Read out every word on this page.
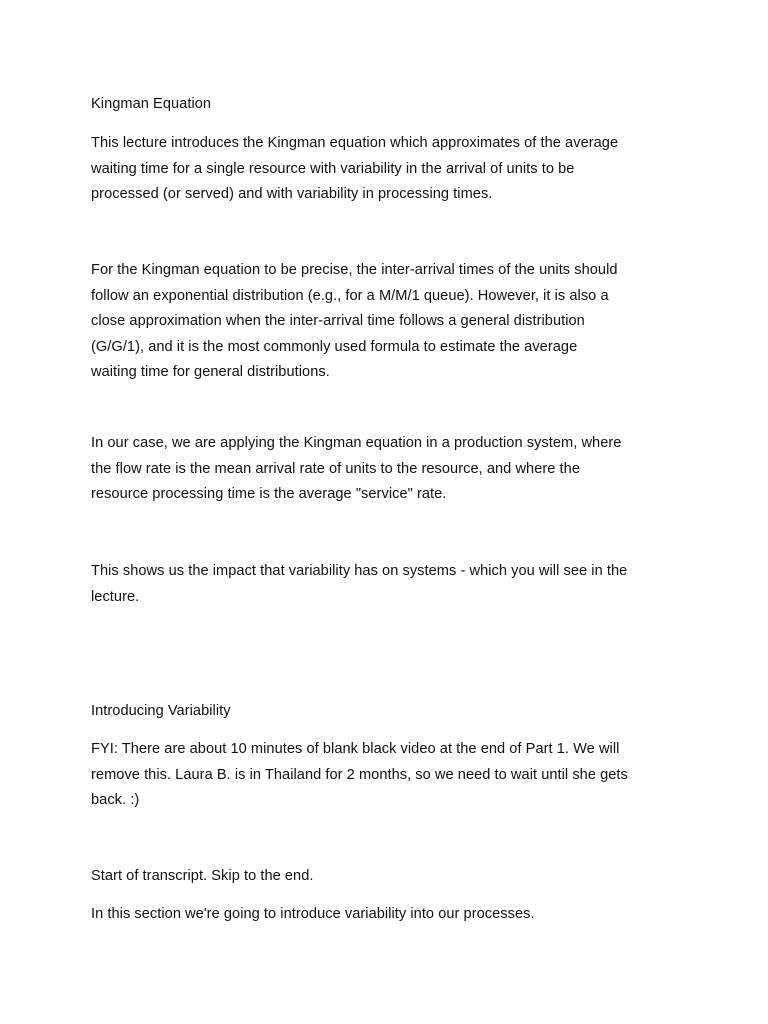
Kingman Equation

This lecture introduces the Kingman equation which approximates of the average
waiting time for a single resource with variability in the arrival of units to be
processed (or served) and with variability in processing times.

For the Kingman equation to be precise, the inter-arrival times of the units should
follow an exponential distribution (e.g., for a M/M/1 queue). However, it is also a
close approximation when the inter-arrival time follows a general distribution
(G/G/1), and it is the most commonly used formula to estimate the average
waiting time for general distributions.

In our case, we are applying the Kingman equation in a production system, where
the flow rate is the mean arrival rate of units to the resource, and where the
resource processing time is the average "service" rate.

This shows us the impact that variability has on systems - which you will see in the
lecture.

Introducing Variability

FYI: There are about 10 minutes of blank black video at the end of Part 1. We will
remove this. Laura B. is in Thailand for 2 months, so we need to wait until she gets
back. :)

Start of transcript. Skip to the end.

In this section we're going to introduce variability into our processes.
